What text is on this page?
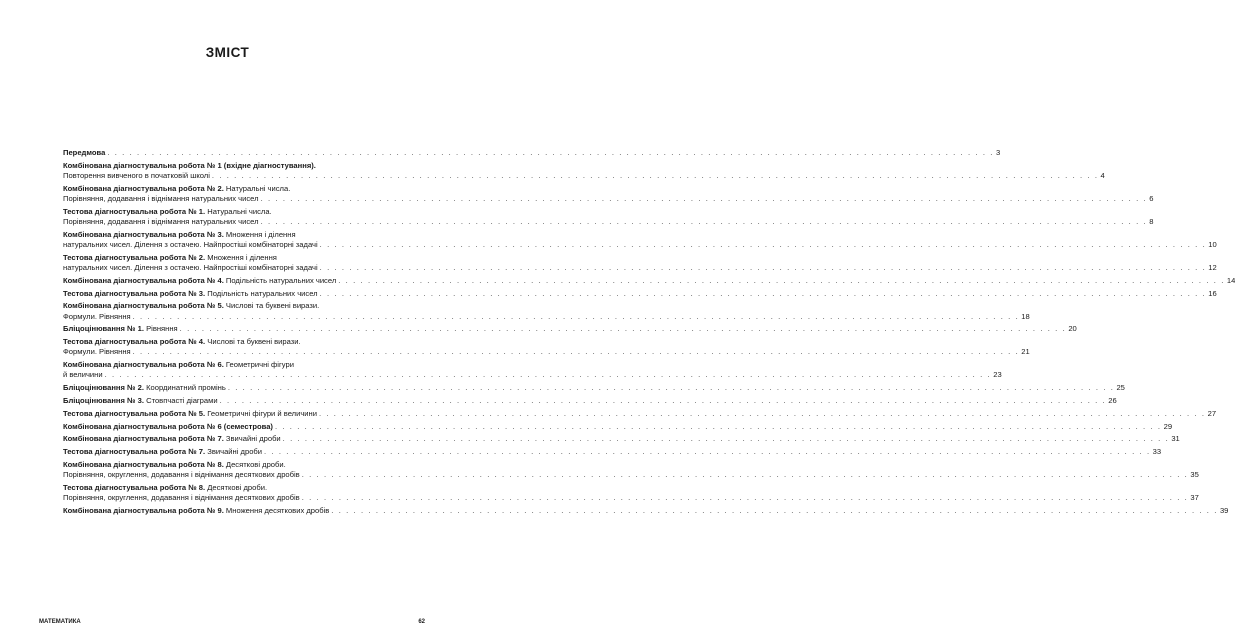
ЗМІСТ
Передмова . . .	3
Комбінована діагностувальна робота № 1 (вхідне діагностування).
Повторення вивченого в початковій школі . . .	4
Комбінована діагностувальна робота № 2. Натуральні числа.
Порівняння, додавання і віднімання натуральних чисел . . .	6
Тестова діагностувальна робота № 1. Натуральні числа.
Порівняння, додавання і віднімання натуральних чисел . . .	8
Комбінована діагностувальна робота № 3. Множення і ділення
натуральних чисел. Ділення з остачею. Найпростіші комбінаторні задачі . . .	10
Тестова діагностувальна робота № 2. Множення і ділення
натуральних чисел. Ділення з остачею. Найпростіші комбінаторні задачі . . .	12
Комбінована діагностувальна робота № 4. Подільність натуральних чисел . . .	14
Тестова діагностувальна робота № 3. Подільність натуральних чисел . . .	16
Комбінована діагностувальна робота № 5. Числові та буквені вирази.
Формули. Рівняння . . .	18
Бліцоцінювання № 1. Рівняння . . .	20
Тестова діагностувальна робота № 4. Числові та буквені вирази.
Формули. Рівняння . . .	21
Комбінована діагностувальна робота № 6. Геометричні фігури
й величини . . .	23
Бліцоцінювання № 2. Координатний промінь . . .	25
Бліцоцінювання № 3. Стовпчасті діаграми . . .	26
Тестова діагностувальна робота № 5. Геометричні фігури й величини . . .	27
Комбінована діагностувальна робота № 6 (семестрова) . . .	29
Комбінована діагностувальна робота № 7. Звичайні дроби . . .	31
Тестова діагностувальна робота № 7. Звичайні дроби . . .	33
Комбінована діагностувальна робота № 8. Десяткові дроби.
Порівняння, округлення, додавання і віднімання десяткових дробів . . .	35
Тестова діагностувальна робота № 8. Десяткові дроби.
Порівняння, округлення, додавання і віднімання десяткових дробів . . .	37
Комбінована діагностувальна робота № 9. Множення десяткових дробів . . .	39
МАТЕМАТИКА	62
